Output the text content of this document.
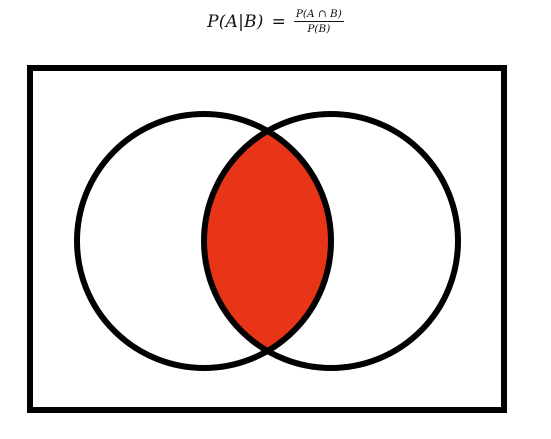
$P(A|B) = \frac{P(A \cap B)}{P(B)}$
